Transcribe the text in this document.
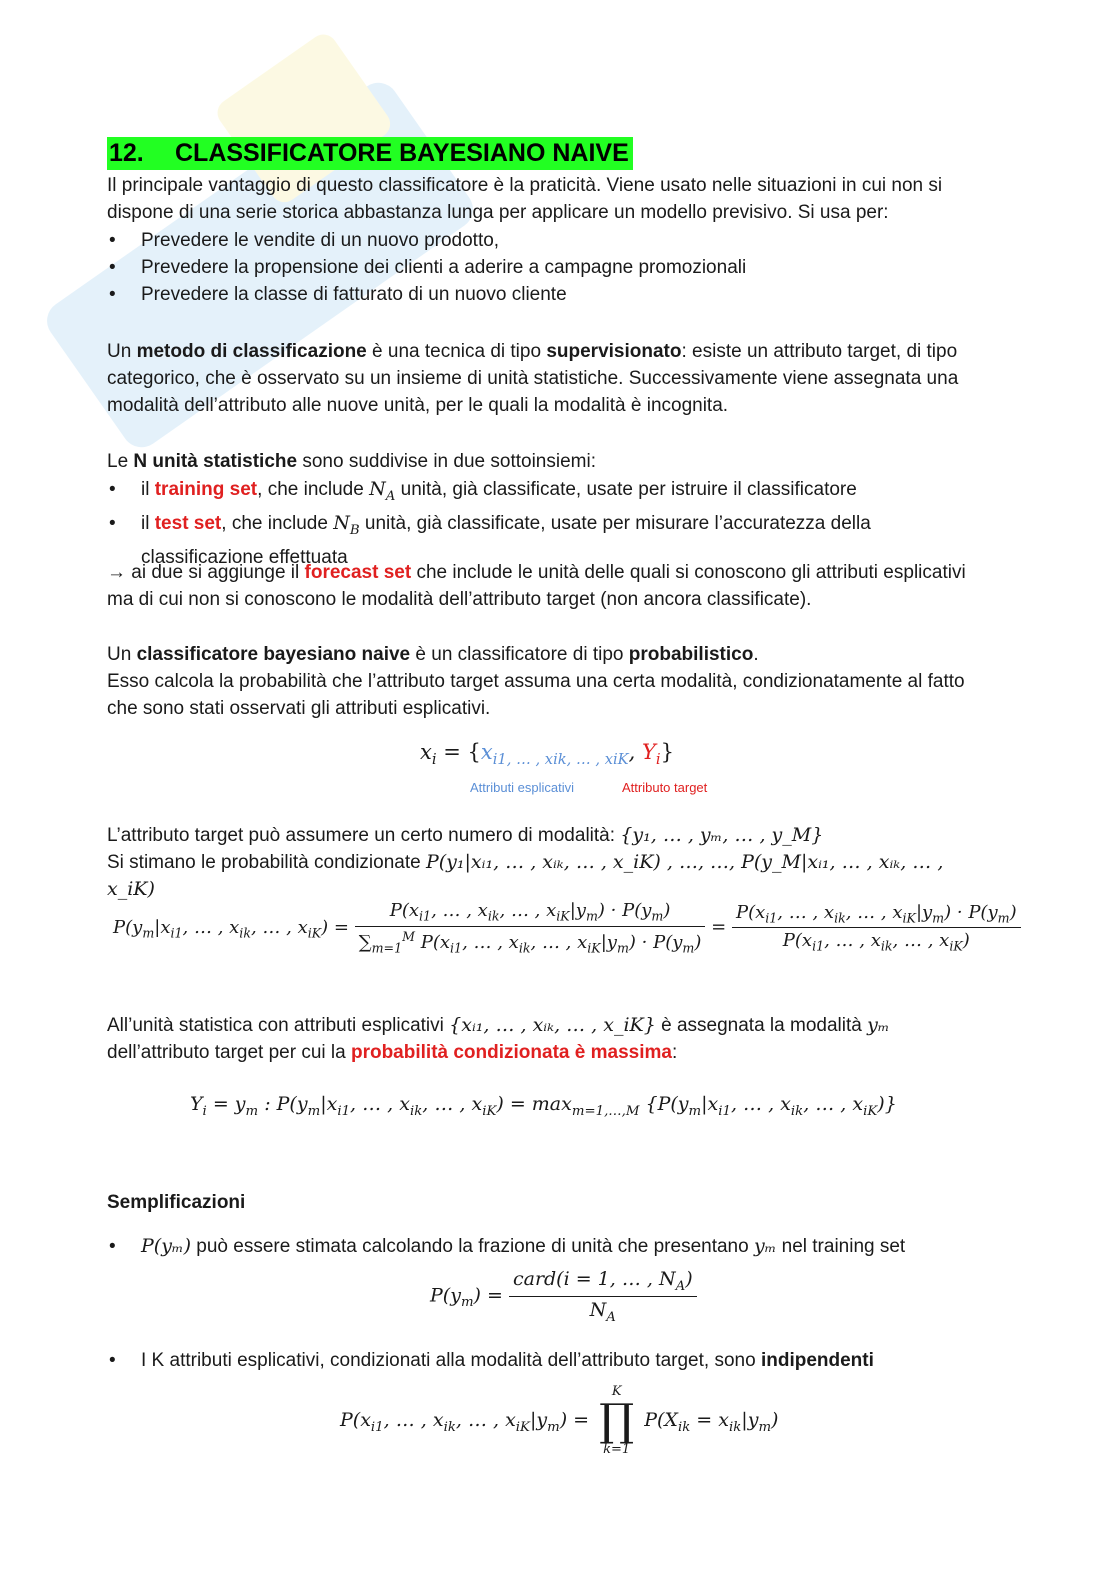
12. CLASSIFICATORE BAYESIANO NAIVE
Il principale vantaggio di questo classificatore è la praticità. Viene usato nelle situazioni in cui non si dispone di una serie storica abbastanza lunga per applicare un modello previsivo. Si usa per:
• Prevedere le vendite di un nuovo prodotto,
• Prevedere la propensione dei clienti a aderire a campagne promozionali
• Prevedere la classe di fatturato di un nuovo cliente
Un metodo di classificazione è una tecnica di tipo supervisionato: esiste un attributo target, di tipo categorico, che è osservato su un insieme di unità statistiche. Successivamente viene assegnata una modalità dell’attributo alle nuove unità, per le quali la modalità è incognita.
Le N unità statistiche sono suddivise in due sottoinsiemi:
• il training set, che include $N_A$ unità, già classificate, usate per istruire il classificatore
• il test set, che include $N_B$ unità, già classificate, usate per misurare l’accuratezza della classificazione effettuata
→ ai due si aggiunge il forecast set che include le unità delle quali si conoscono gli attributi esplicativi ma di cui non si conoscono le modalità dell’attributo target (non ancora classificate).
Un classificatore bayesiano naive è un classificatore di tipo probabilistico.
Esso calcola la probabilità che l’attributo target assuma una certa modalità, condizionatamente al fatto che sono stati osservati gli attributi esplicativi.
$x_i = \{x_{i1, \dots , xik, \dots , xiK}$, $Y_i$}
Attributi esplicativi	Attributo target
L’attributo target può assumere un certo numero di modalità: {y₁, … , yₘ, … , y_M}
Si stimano le probabilità condizionate P(y₁|xᵢ₁, … , xᵢₖ, … , x_iK) , …, …, P(y_M|xᵢ₁, … , xᵢₖ, … , x_iK)
$P(y_m|x_{i1}$, … , $x_{ik}$, … , $x_{iK}) = \frac{P(x_{i1}, \dots , x_{ik}, \dots , x_{iK}|y_m) \cdot P(y_m)}{\sum_{m=1}^M P(x_{i1}, \dots , x_{ik}, \dots , x_{iK}|y_m) \cdot P(y_m)} = \frac{P(x_{i1}, \dots , x_{ik}, \dots , x_{iK}|y_m) \cdot P(y_m)}{P(x_{i1}, \dots , x_{ik}, \dots , x_{iK})}$
All’unità statistica con attributi esplicativi {xᵢ₁, … , xᵢₖ, … , x_iK} è assegnata la modalità yₘ
dell’attributo target per cui la probabilità condizionata è massima:
$Y_i = y_m$ : $P(y_m|x_{i1}$, … , $x_{ik}$, … , $x_{iK}) = \max_{m=1,\dots,M} \{P(y_m|x_{i1}$, … , $x_{ik}$, … , $x_{iK}$)}
Semplificazioni
• P(yₘ) può essere stimata calcolando la frazione di unità che presentano yₘ nel training set
$P(y_m) = \frac{card(i = 1, \dots , N_A)}{N_A}$
• I K attributi esplicativi, condizionati alla modalità dell’attributo target, sono indipendenti
$P(x_{i1}$, … , $x_{ik}$, … , $x_{iK}|y_m$) =
K
∏
k=1
$P(X_{ik} = x_{ik}|y_m)$
